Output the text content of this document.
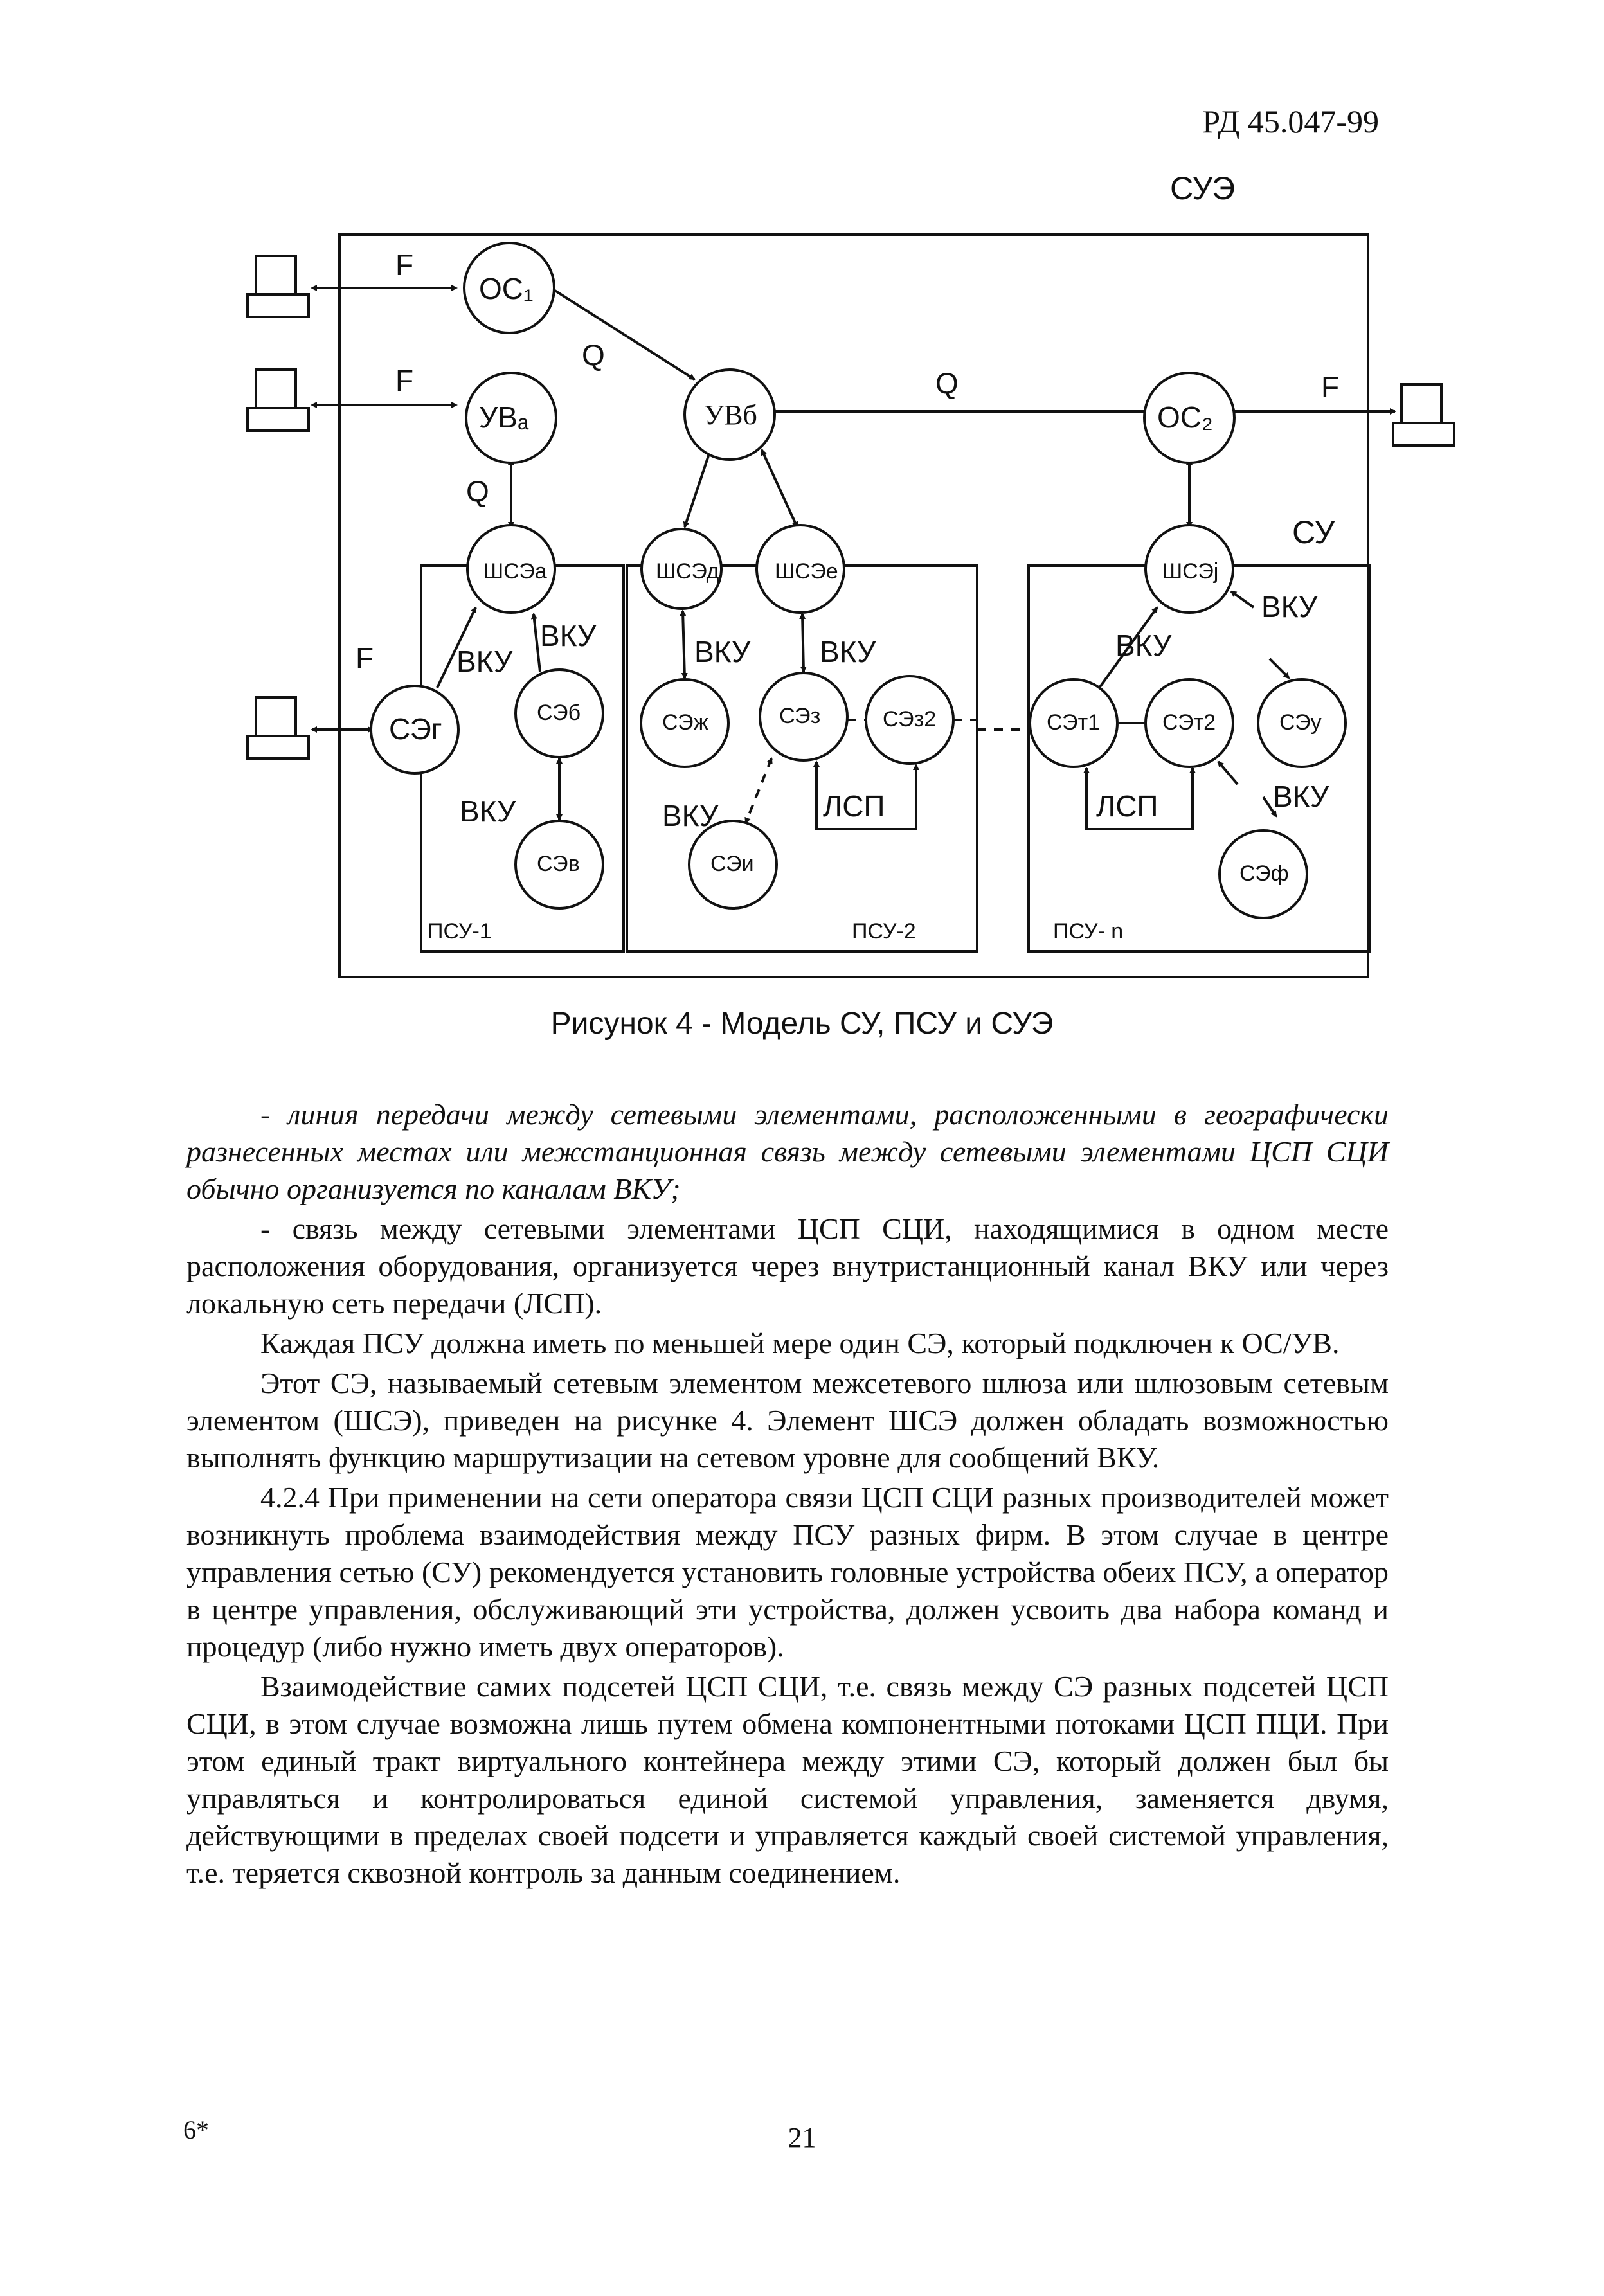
РД 45.047-99
СУЭ
F
F
F
F
Q
Q
Q
СУ
OC₁
УВₐ	УВб	OC₂
ШСЭа	ШСЭд	ШСЭе	ШСЭj
СЭг	СЭб
СЭв
СЭж	СЭз	СЭз2
СЭи
СЭт1	СЭт2	СЭу
СЭф
ВКУ
ВКУ
ВКУ
ВКУ ВКУ
ВКУ
ВКУ
ВКУ
ВКУ
ЛСП	ЛСП
ПСУ-1	ПСУ-2	ПСУ- n
Рисунок 4 - Модель СУ, ПСУ и СУЭ

- линия передачи между сетевыми элементами, расположенными в географически разнесенных местах или межстанционная связь между сетевыми элементами ЦСП СЦИ обычно организуется по каналам ВКУ;

- связь между сетевыми элементами ЦСП СЦИ, находящимися в одном месте расположения оборудования, организуется через внутристанционный канал ВКУ или через локальную сеть передачи (ЛСП).

Каждая ПСУ должна иметь по меньшей мере один СЭ, который подключен к ОС/УВ.

Этот СЭ, называемый сетевым элементом межсетевого шлюза или шлюзовым сетевым элементом (ШСЭ), приведен на рисунке 4. Элемент ШСЭ должен обладать возможностью выполнять функцию маршрутизации на сетевом уровне для сообщений ВКУ.

4.2.4 При применении на сети оператора связи ЦСП СЦИ разных производителей может возникнуть проблема взаимодействия между ПСУ разных фирм. В этом случае в центре управления сетью (СУ) рекомендуется установить головные устройства обеих ПСУ, а оператор в центре управления, обслуживающий эти устройства, должен усвоить два набора команд и процедур (либо нужно иметь двух операторов).

Взаимодействие самих подсетей ЦСП СЦИ, т.е. связь между СЭ разных подсетей ЦСП СЦИ, в этом случае возможна лишь путем обмена компонентными потоками ЦСП ПЦИ. При этом единый тракт виртуального контейнера между этими СЭ, который должен был бы управляться и контролироваться единой системой управления, заменяется двумя, действующими в пределах своей подсети и управляется каждый своей системой управления, т.е. теряется сквозной контроль за данным соединением.

6*	21
